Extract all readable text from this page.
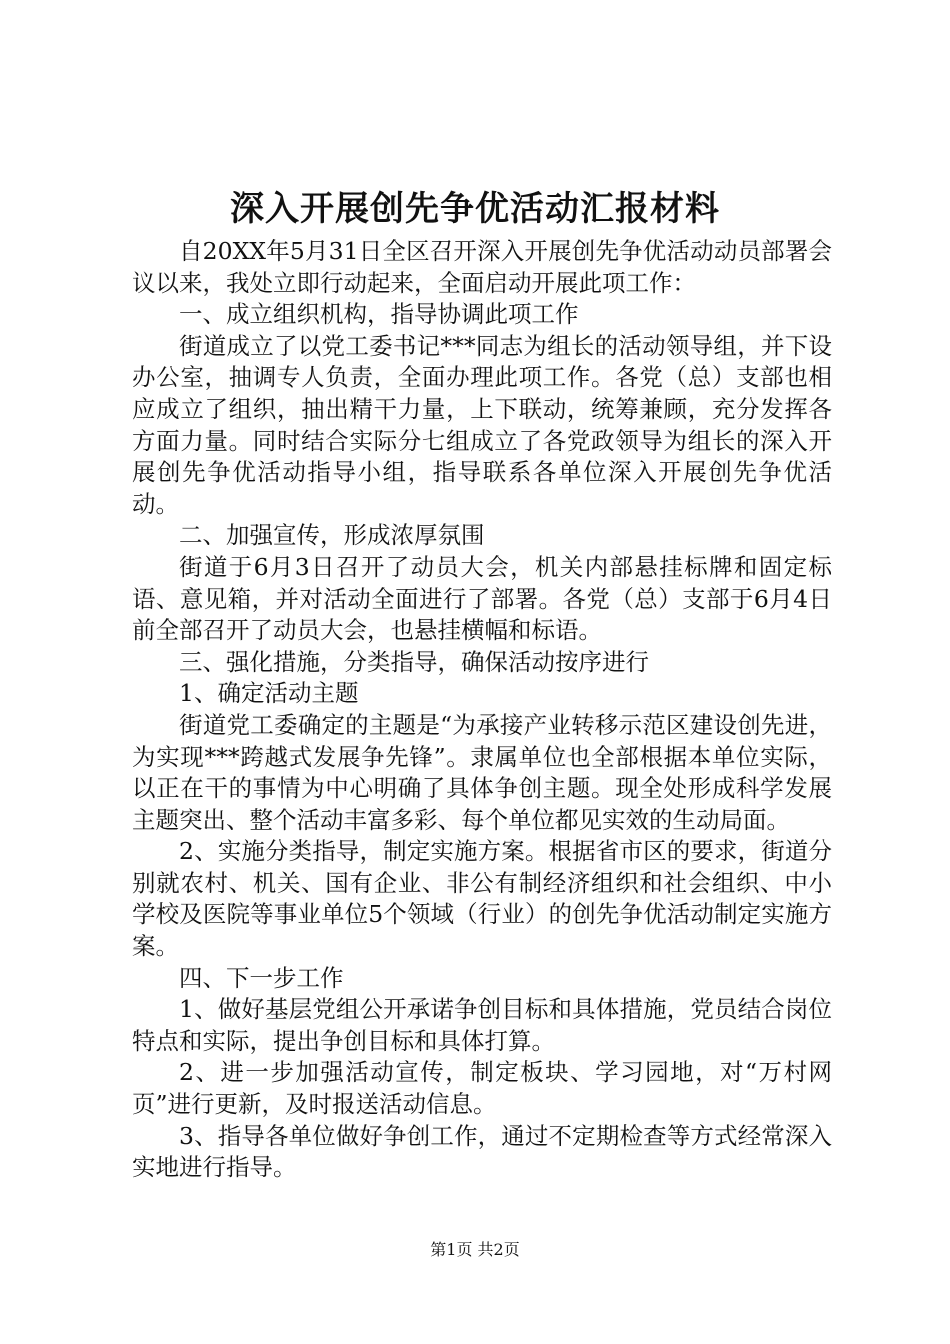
深入开展创先争优活动汇报材料

自20XX年5月31日全区召开深入开展创先争优活动动员部署会议以来，我处立即行动起来，全面启动开展此项工作：

一、成立组织机构，指导协调此项工作

街道成立了以党工委书记***同志为组长的活动领导组，并下设办公室，抽调专人负责，全面办理此项工作。各党（总）支部也相应成立了组织，抽出精干力量，上下联动，统筹兼顾，充分发挥各方面力量。同时结合实际分七组成立了各党政领导为组长的深入开展创先争优活动指导小组，指导联系各单位深入开展创先争优活动。

二、加强宣传，形成浓厚氛围

街道于6月3日召开了动员大会，机关内部悬挂标牌和固定标语、意见箱，并对活动全面进行了部署。各党（总）支部于6月4日前全部召开了动员大会，也悬挂横幅和标语。

三、强化措施，分类指导，确保活动按序进行

1、确定活动主题

街道党工委确定的主题是“为承接产业转移示范区建设创先进，为实现***跨越式发展争先锋”。隶属单位也全部根据本单位实际，以正在干的事情为中心明确了具体争创主题。现全处形成科学发展主题突出、整个活动丰富多彩、每个单位都见实效的生动局面。

2、实施分类指导，制定实施方案。根据省市区的要求，街道分别就农村、机关、国有企业、非公有制经济组织和社会组织、中小学校及医院等事业单位5个领域（行业）的创先争优活动制定实施方案。

四、下一步工作

1、做好基层党组公开承诺争创目标和具体措施，党员结合岗位特点和实际，提出争创目标和具体打算。

2、进一步加强活动宣传，制定板块、学习园地，对“万村网页”进行更新，及时报送活动信息。

3、指导各单位做好争创工作，通过不定期检查等方式经常深入实地进行指导。

第1页 共2页
